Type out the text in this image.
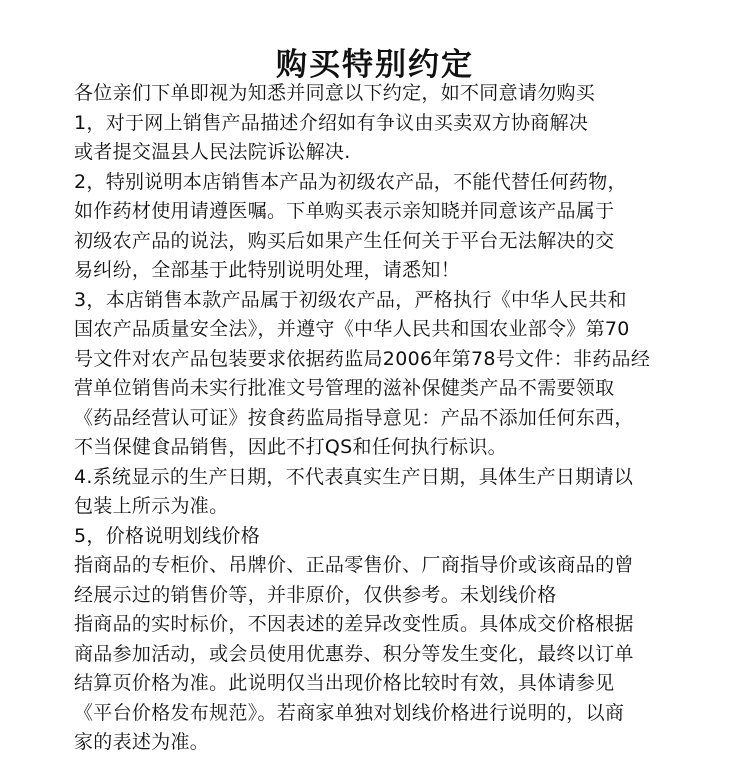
购买特别约定
各位亲们下单即视为知悉并同意以下约定，如不同意请勿购买
1，对于网上销售产品描述介绍如有争议由买卖双方协商解决
或者提交温县人民法院诉讼解决.
2，特别说明本店销售本产品为初级农产品，不能代替任何药物，
如作药材使用请遵医嘱。下单购买表示亲知晓并同意该产品属于
初级农产品的说法，购买后如果产生任何关于平台无法解决的交
易纠纷，全部基于此特别说明处理，请悉知！
3，本店销售本款产品属于初级农产品，严格执行《中华人民共和
国农产品质量安全法》，并遵守《中华人民共和国农业部令》第70
号文件对农产品包装要求依据药监局2006年第78号文件：非药品经
营单位销售尚未实行批准文号管理的滋补保健类产品不需要领取
《药品经营认可证》按食药监局指导意见：产品不添加任何东西，
不当保健食品销售，因此不打QS和任何执行标识。
4.系统显示的生产日期，不代表真实生产日期，具体生产日期请以
包装上所示为准。
5，价格说明划线价格
指商品的专柜价、吊牌价、正品零售价、厂商指导价或该商品的曾
经展示过的销售价等，并非原价，仅供参考。未划线价格
指商品的实时标价，不因表述的差异改变性质。具体成交价格根据
商品参加活动，或会员使用优惠券、积分等发生变化，最终以订单
结算页价格为准。此说明仅当出现价格比较时有效，具体请参见
《平台价格发布规范》。若商家单独对划线价格进行说明的，以商
家的表述为准。
